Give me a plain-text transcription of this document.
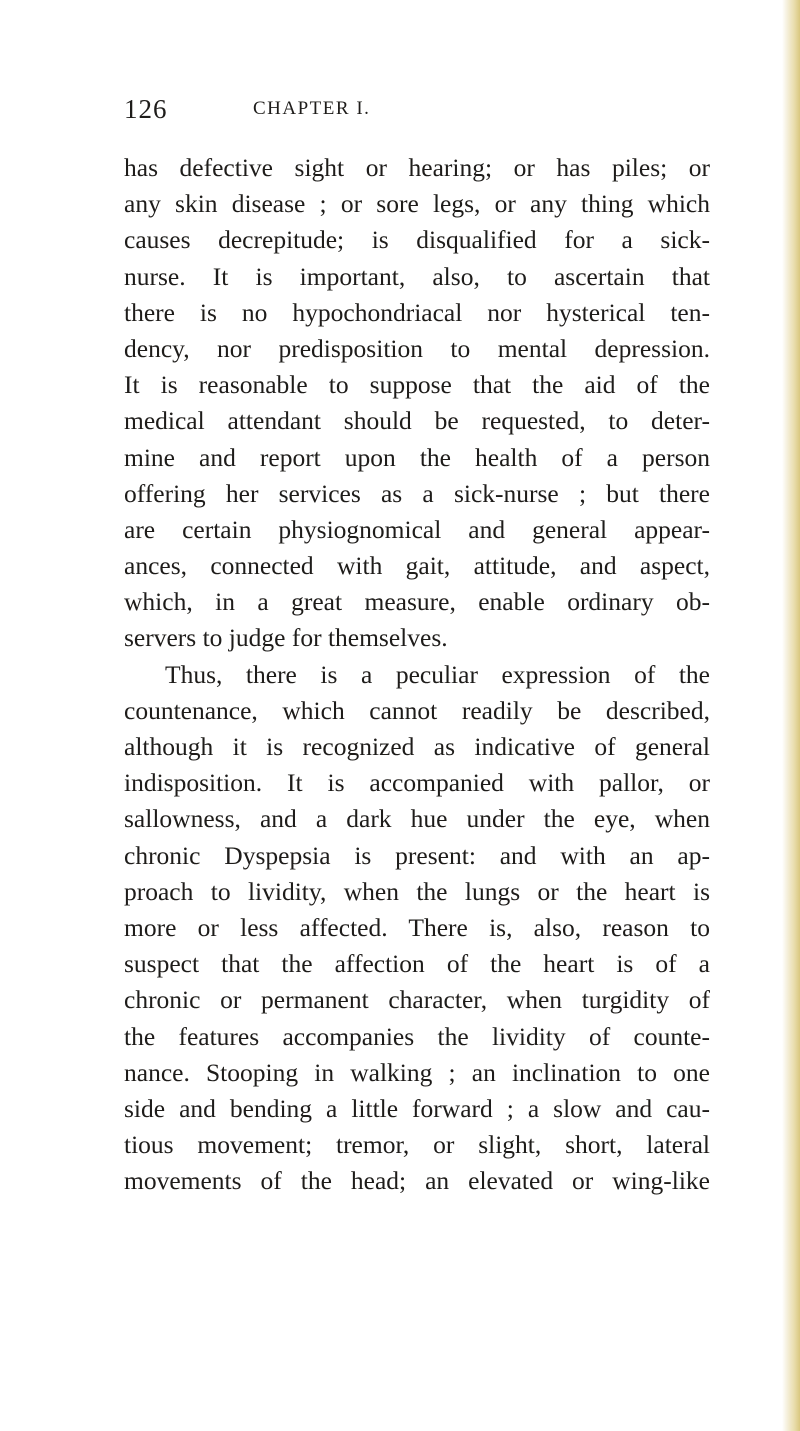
126	CHAPTER I.
has defective sight or hearing; or has piles; or
any skin disease ; or sore legs, or any thing which
causes decrepitude; is disqualified for a sick-
nurse. It is important, also, to ascertain that
there is no hypochondriacal nor hysterical ten-
dency, nor predisposition to mental depression.
It is reasonable to suppose that the aid of the
medical attendant should be requested, to deter-
mine and report upon the health of a person
offering her services as a sick-nurse ; but there
are certain physiognomical and general appear-
ances, connected with gait, attitude, and aspect,
which, in a great measure, enable ordinary ob-
servers to judge for themselves.
Thus, there is a peculiar expression of the
countenance, which cannot readily be described,
although it is recognized as indicative of general
indisposition. It is accompanied with pallor, or
sallowness, and a dark hue under the eye, when
chronic Dyspepsia is present: and with an ap-
proach to lividity, when the lungs or the heart is
more or less affected. There is, also, reason to
suspect that the affection of the heart is of a
chronic or permanent character, when turgidity of
the features accompanies the lividity of counte-
nance. Stooping in walking ; an inclination to one
side and bending a little forward ; a slow and cau-
tious movement; tremor, or slight, short, lateral
movements of the head; an elevated or wing-like
